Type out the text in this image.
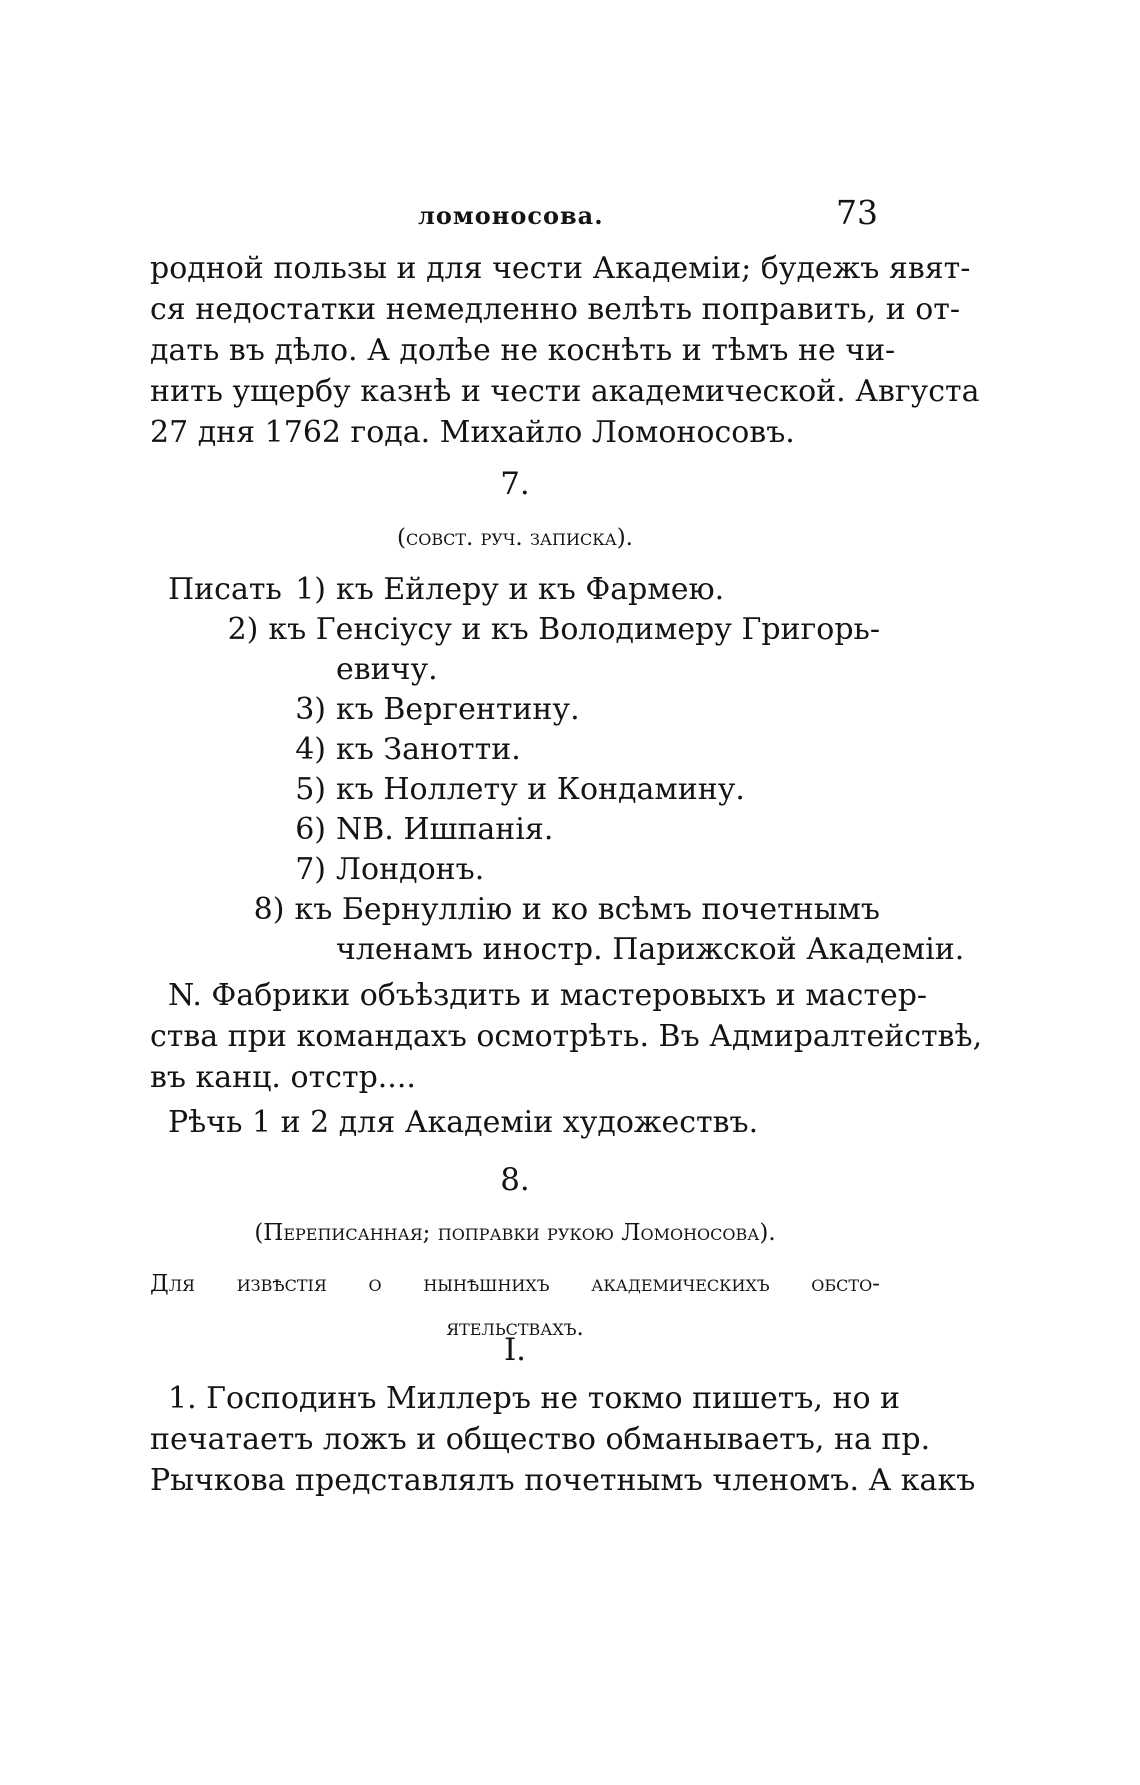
ломоносова.	73
родной пользы и для чести Академіи; будежъ явят-
ся недостатки немедленно велѣть поправить, и от-
дать въ дѣло. А долѣе не коснѣть и тѣмъ не чи-
нить ущербу казнѣ и чести академической. Августа
27 дня 1762 года. Михайло Ломоносовъ.
7.
(совст. руч. записка).
Писать 1) къ Ейлеру и къ Фармею.
2) къ Генсіусу и къ Володимеру Григорь-
евичу.
3) къ Вергентину.
4) къ Занотти.
5) къ Ноллету и Кондамину.
6) NB. Ишпанія.
7) Лондонъ.
8) къ Бернуллію и ко всѣмъ почетнымъ
членамъ иностр. Парижской Академіи.
N. Фабрики объѣздить и мастеровыхъ и мастер-
ства при командахъ осмотрѣть. Въ Адмиралтействѣ,
въ канц. отстр....
Рѣчь 1 и 2 для Академіи художествъ.
8.
(Переписанная; поправки рукою Ломоносова).
Для извѣстія о нынѣшнихъ академическихъ обсто-
ятельствахъ.
I.
1. Господинъ Миллеръ не токмо пишетъ, но и
печатаетъ ложъ и общество обманываетъ, на пр.
Рычкова представлялъ почетнымъ членомъ. А какъ
